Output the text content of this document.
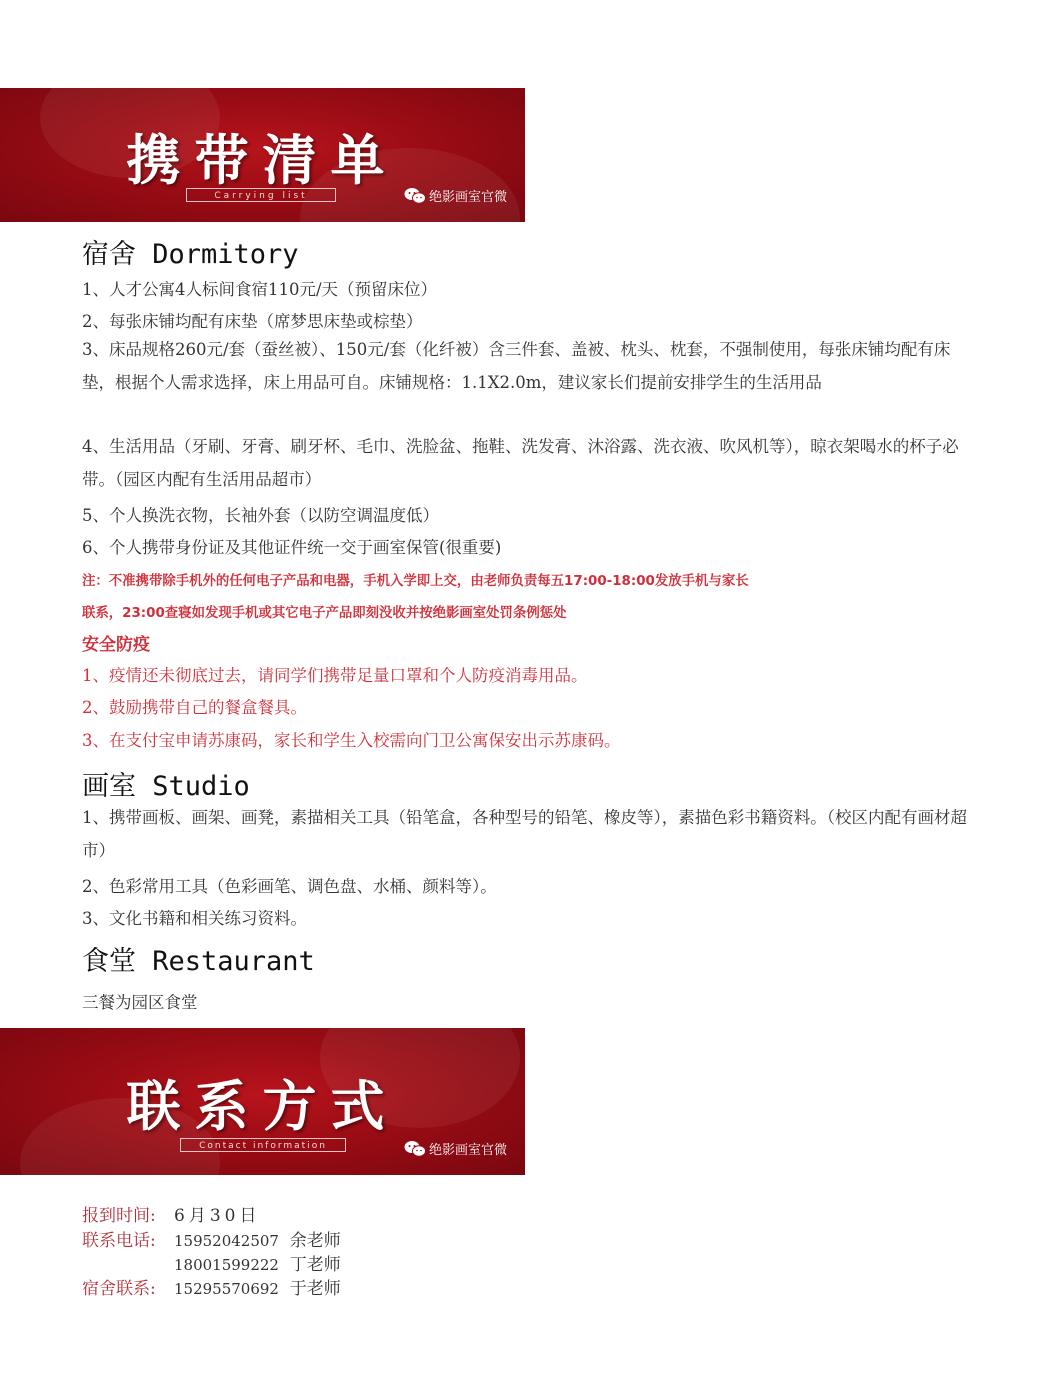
携带清单
Carrying list	绝影画室官微
宿舍 Dormitory
1、人才公寓4人标间食宿110元/天（预留床位）
2、每张床铺均配有床垫（席梦思床垫或棕垫）
3、床品规格260元/套（蚕丝被）、150元/套（化纤被）含三件套、盖被、枕头、枕套，不强制使用，每张床铺均配有床垫，根据个人需求选择，床上用品可自。床铺规格：1.1X2.0m，建议家长们提前安排学生的生活用品
4、生活用品（牙刷、牙膏、刷牙杯、毛巾、洗脸盆、拖鞋、洗发膏、沐浴露、洗衣液、吹风机等），晾衣架喝水的杯子必带。（园区内配有生活用品超市）
5、个人换洗衣物，长袖外套（以防空调温度低）
6、个人携带身份证及其他证件统一交于画室保管(很重要)
注：不准携带除手机外的任何电子产品和电器，手机入学即上交，由老师负责每五17:00-18:00发放手机与家长
联系，23:00查寝如发现手机或其它电子产品即刻没收并按绝影画室处罚条例惩处
安全防疫
1、疫情还未彻底过去，请同学们携带足量口罩和个人防疫消毒用品。
2、鼓励携带自己的餐盒餐具。
3、在支付宝申请苏康码，家长和学生入校需向门卫公寓保安出示苏康码。
画室 Studio
1、携带画板、画架、画凳，素描相关工具（铅笔盒，各种型号的铅笔、橡皮等），素描色彩书籍资料。（校区内配有画材超市）
2、色彩常用工具（色彩画笔、调色盘、水桶、颜料等）。
3、文化书籍和相关练习资料。
食堂 Restaurant
三餐为园区食堂
联系方式
Contact information	绝影画室官微
报到时间: 6月30日
联系电话: 15952042507 余老师
18001599222 丁老师
宿舍联系: 15295570692 于老师
